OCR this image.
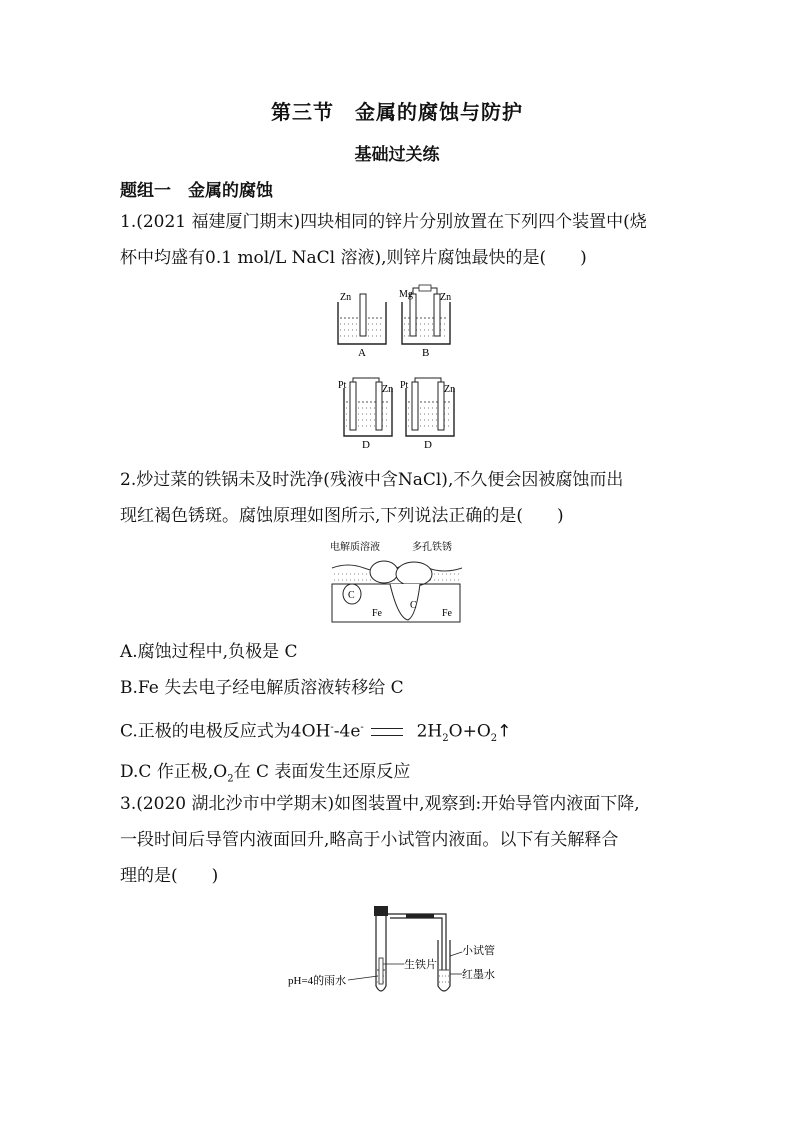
第三节　金属的腐蚀与防护
基础过关练
题组一　金属的腐蚀
1.(2021 福建厦门期末)四块相同的锌片分别放置在下列四个装置中(烧
杯中均盛有0.1 mol/L NaCl 溶液),则锌片腐蚀最快的是(　　)
Zn
A
Mg	Zn
B
Pt	Zn
D
Pt	Zn
D
2.炒过菜的铁锅未及时洗净(残液中含NaCl),不久便会因被腐蚀而出
现红褐色锈斑。腐蚀原理如图所示,下列说法正确的是(　　)
电解质溶液	多孔铁锈
C
C
Fe	Fe
A.腐蚀过程中,负极是 C
B.Fe 失去电子经电解质溶液转移给 C
C.正极的电极反应式为4OH--4e-	$2H_2O+O_2↑$
D.C 作正极$,O_2$在 C 表面发生还原反应
3.(2020 湖北沙市中学期末)如图装置中,观察到:开始导管内液面下降,
一段时间后导管内液面回升,略高于小试管内液面。以下有关解释合
理的是(　　)
pH=4的雨水
生铁片
小试管
红墨水
